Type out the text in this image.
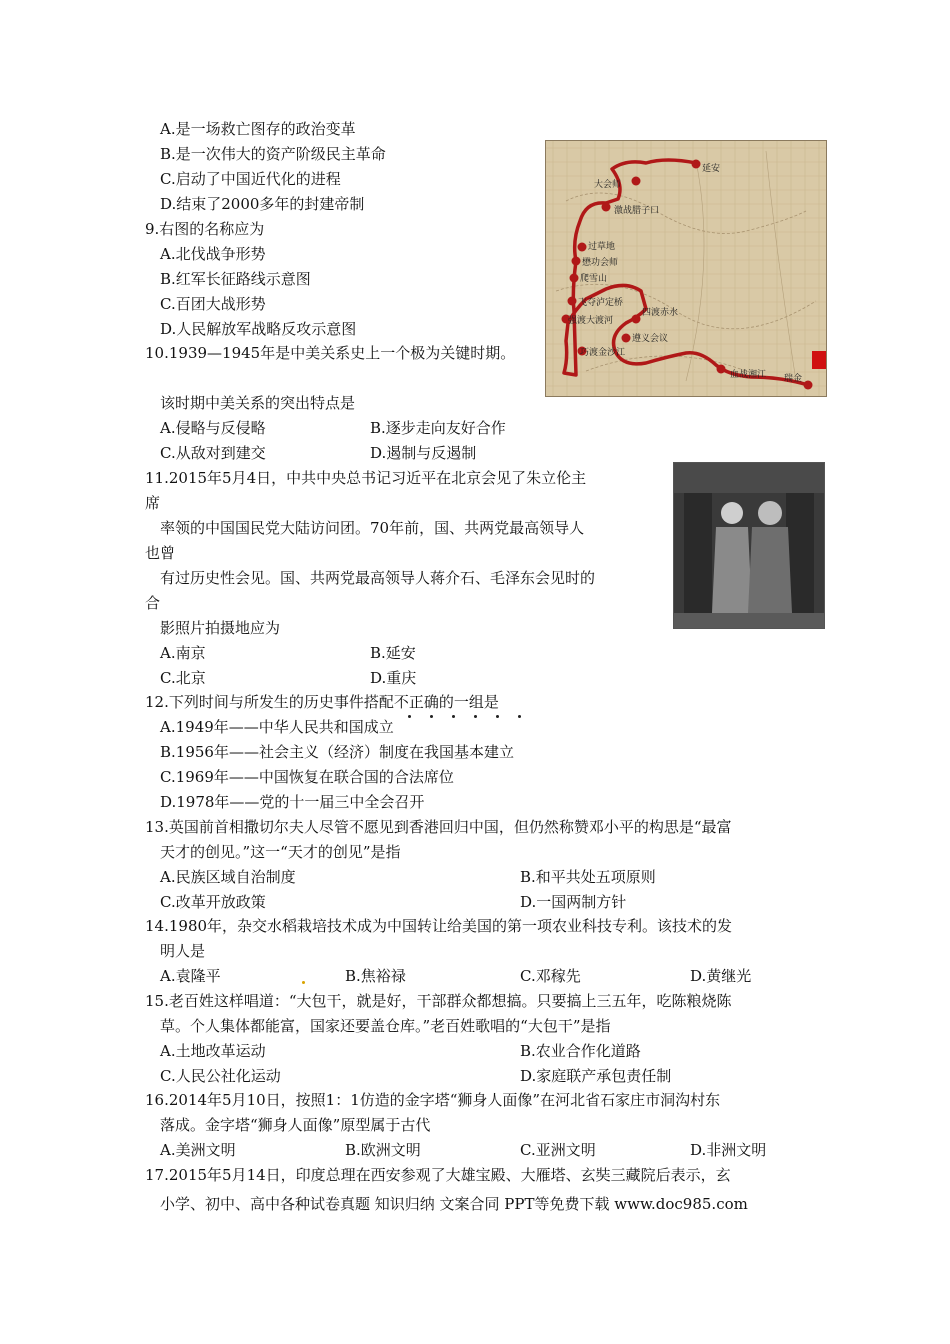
A.是一场救亡图存的政治变革
B.是一次伟大的资产阶级民主革命
C.启动了中国近代化的进程
D.结束了2000多年的封建帝制
9.右图的名称应为
A.北伐战争形势
B.红军长征路线示意图
C.百团大战形势
D.人民解放军战略反攻示意图
10.1939—1945年是中美关系史上一个极为关键时期。
该时期中美关系的突出特点是
A.侵略与反侵略	B.逐步走向友好合作
C.从敌对到建交	D.遏制与反遏制
11.2015年5月4日，中共中央总书记习近平在北京会见了朱立伦主
席
率领的中国国民党大陆访问团。70年前，国、共两党最高领导人
也曾
有过历史性会见。国、共两党最高领导人蒋介石、毛泽东会见时的
合
影照片拍摄地应为
A.南京	B.延安
C.北京	D.重庆
12.下列时间与所发生的历史事件搭配不正确的一组是
A.1949年——中华人民共和国成立
B.1956年——社会主义（经济）制度在我国基本建立
C.1969年——中国恢复在联合国的合法席位
D.1978年——党的十一届三中全会召开
13.英国前首相撒切尔夫人尽管不愿见到香港回归中国，但仍然称赞邓小平的构思是“最富
天才的创见。”这一“天才的创见”是指
A.民族区域自治制度	B.和平共处五项原则
C.改革开放政策	D.一国两制方针
14.1980年，杂交水稻栽培技术成为中国转让给美国的第一项农业科技专利。该技术的发
明人是
A.袁隆平	B.焦裕禄	C.邓稼先	D.黄继光
15.老百姓这样唱道：“大包干，就是好，干部群众都想搞。只要搞上三五年，吃陈粮烧陈
草。个人集体都能富，国家还要盖仓库。”老百姓歌唱的“大包干”是指
A.土地改革运动	B.农业合作化道路
C.人民公社化运动	D.家庭联产承包责任制
16.2014年5月10日，按照1：1仿造的金字塔“狮身人面像”在河北省石家庄市洞沟村东
落成。金字塔“狮身人面像”原型属于古代
A.美洲文明	B.欧洲文明	C.亚洲文明	D.非洲文明
17.2015年5月14日，印度总理在西安参观了大雄宝殿、大雁塔、玄奘三藏院后表示，玄
小学、初中、高中各种试卷真题 知识归纳 文案合同 PPT等免费下载 www.doc985.com
延安
大会师
激战腊子口
过草地
懋功会师
爬雪山
飞夺泸定桥
强渡大渡河
四渡赤水
遵义会议
巧渡金沙江
血战湘江 瑞金
